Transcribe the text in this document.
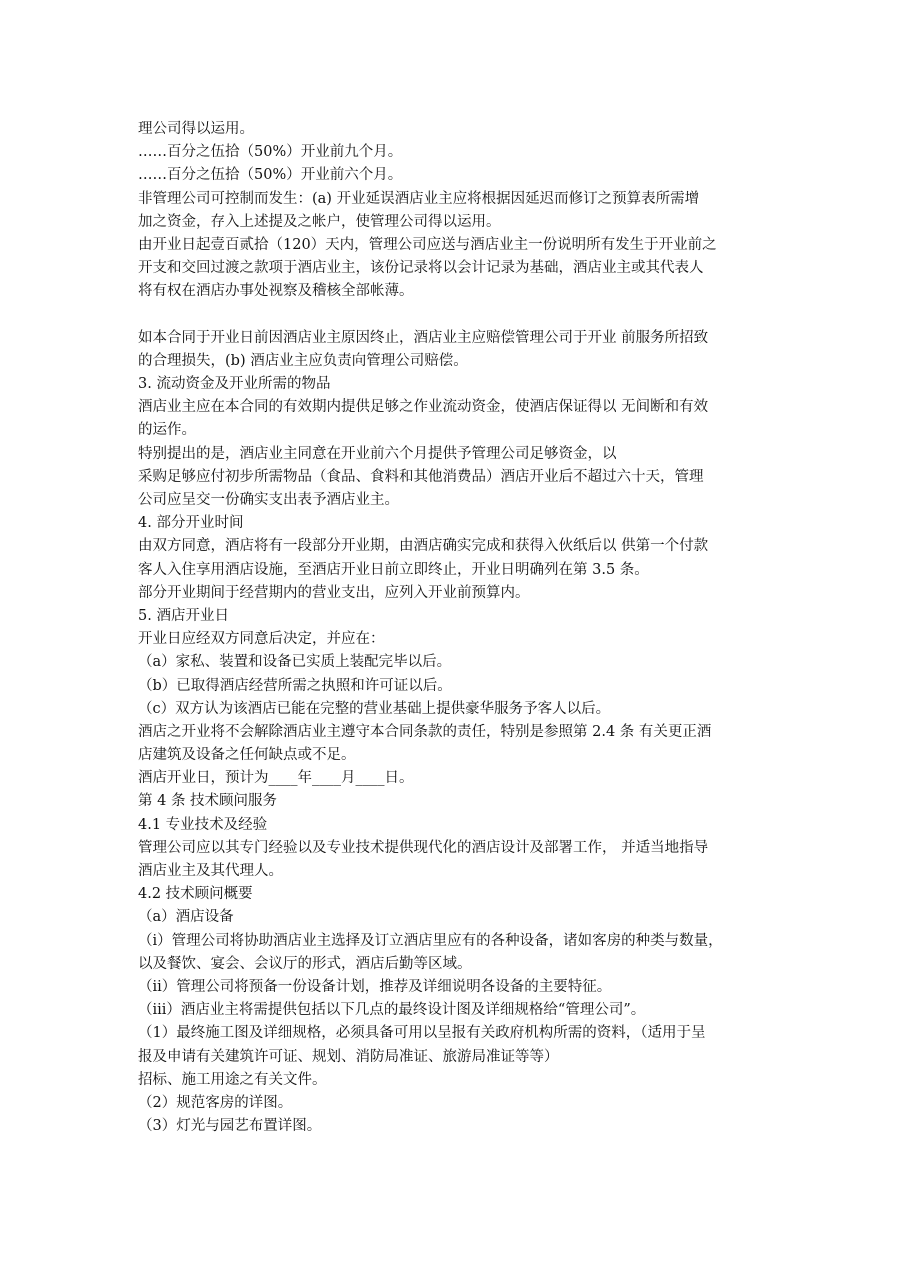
理公司得以运用。
……百分之伍拾（50%）开业前九个月。
……百分之伍拾（50%）开业前六个月。
非管理公司可控制而发生：(a) 开业延误酒店业主应将根据因延迟而修订之预算表所需增
加之资金，存入上述提及之帐户，使管理公司得以运用。
由开业日起壹百贰拾（120）天内，管理公司应送与酒店业主一份说明所有发生于开业前之
开支和交回过渡之款项于酒店业主，该份记录将以会计记录为基础，酒店业主或其代表人
将有权在酒店办事处视察及稽核全部帐薄。
如本合同于开业日前因酒店业主原因终止，酒店业主应赔偿管理公司于开业 前服务所招致
的合理损失，(b) 酒店业主应负责向管理公司赔偿。
3. 流动资金及开业所需的物品
酒店业主应在本合同的有效期内提供足够之作业流动资金，使酒店保证得以 无间断和有效
的运作。
特别提出的是，酒店业主同意在开业前六个月提供予管理公司足够资金，以
采购足够应付初步所需物品（食品、食料和其他消费品）酒店开业后不超过六十天，管理
公司应呈交一份确实支出表予酒店业主。
4. 部分开业时间
由双方同意，酒店将有一段部分开业期，由酒店确实完成和获得入伙纸后以 供第一个付款
客人入住享用酒店设施，至酒店开业日前立即终止，开业日明确列在第 3.5 条。
部分开业期间于经营期内的营业支出，应列入开业前预算内。
5. 酒店开业日
开业日应经双方同意后决定，并应在：
（a）家私、装置和设备已实质上装配完毕以后。
（b）已取得酒店经营所需之执照和许可证以后。
（c）双方认为该酒店已能在完整的营业基础上提供豪华服务予客人以后。
酒店之开业将不会解除酒店业主遵守本合同条款的责任，特别是参照第 2.4 条 有关更正酒
店建筑及设备之任何缺点或不足。
酒店开业日，预计为____年____月____日。
第 4 条 技术顾问服务
4.1 专业技术及经验
管理公司应以其专门经验以及专业技术提供现代化的酒店设计及部署工作， 并适当地指导
酒店业主及其代理人。
4.2 技术顾问概要
（a）酒店设备
（i）管理公司将协助酒店业主选择及订立酒店里应有的各种设备，诸如客房的种类与数量，
以及餐饮、宴会、会议厅的形式，酒店后勤等区域。
（ii）管理公司将预备一份设备计划，推荐及详细说明各设备的主要特征。
（iii）酒店业主将需提供包括以下几点的最终设计图及详细规格给“管理公司”。
（1）最终施工图及详细规格，必须具备可用以呈报有关政府机构所需的资料，（适用于呈
报及申请有关建筑许可证、规划、消防局准证、旅游局准证等等）
招标、施工用途之有关文件。
（2）规范客房的详图。
（3）灯光与园艺布置详图。
